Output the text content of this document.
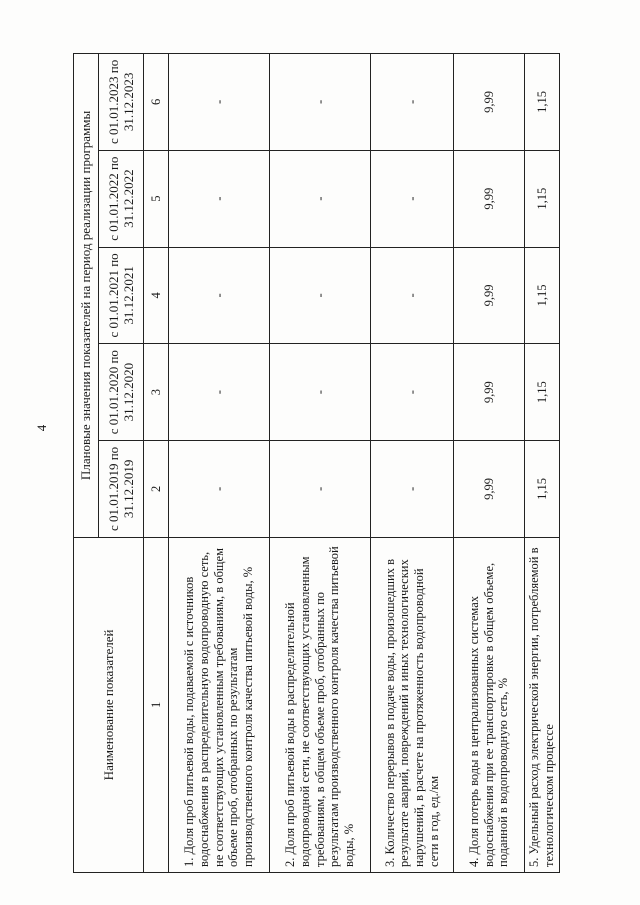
4
Наименование показателей	Плановые значения показателей на период реализации программы				
	с 01.01.2019 по 31.12.2019	с 01.01.2020 по 31.12.2020	с 01.01.2021 по 31.12.2021	с 01.01.2022 по 31.12.2022	с 01.01.2023 по 31.12.2023
1	2	3	4	5	6
1. Доля проб питьевой воды, подаваемой с источников водоснабжения в распределительную водопроводную сеть, не соответствующих установленным требованиям, в общем объеме проб, отобранных по результатам производственного контроля качества питьевой воды, %	-	-	-	-	-
2. Доля проб питьевой воды в распределительной водопроводной сети, не соответствующих установленным требованиям, в общем объеме проб, отобранных по результатам производственного контроля качества питьевой воды, %	-	-	-	-	-
3. Количество перерывов в подаче воды, произошедших в результате аварий, повреждений и иных технологических нарушений, в расчете на протяженность водопроводной сети в год, ед./км	-	-	-	-	-
4. Доля потерь воды в централизованных системах водоснабжения при ее транспортировке в общем объеме, поданной в водопроводную сеть, %	9,99	9,99	9,99	9,99	9,99
5. Удельный расход электрической энергии, потребляемой в технологическом процессе	1,15	1,15	1,15	1,15	1,15
